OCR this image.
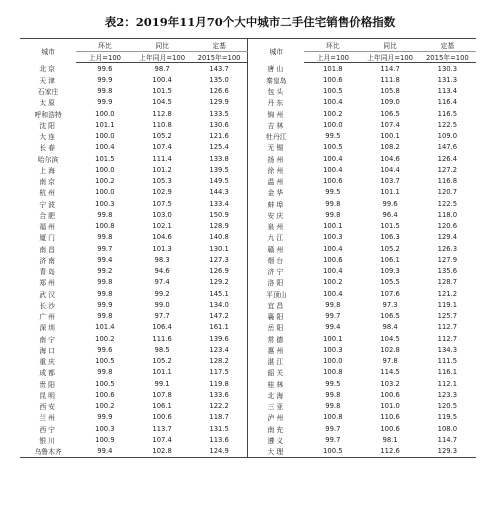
表2：2019年11月70个大中城市二手住宅销售价格指数
城市	环比	同比	定基	城市	环比	同比	定基
	上月=100	上年同月=100	2015年=100		上月=100	上年同月=100	2015年=100
北京	99.6	98.7	143.7	唐山	101.8	114.7	130.3
天津	99.9	100.4	135.0	秦皇岛	100.6	111.8	131.3
石家庄	99.8	101.5	126.6	包头	100.5	105.8	113.4
太原	99.9	104.5	129.9	丹东	100.4	109.0	116.4
呼和浩特	100.0	112.8	133.5	锦州	100.2	106.5	116.5
沈阳	101.1	110.8	130.6	吉林	100.0	107.4	122.5
大连	100.0	105.2	121.6	牡丹江	99.5	100.1	109.0
长春	100.4	107.4	125.4	无锡	100.5	108.2	147.6
哈尔滨	101.5	111.4	133.8	扬州	100.4	104.6	126.4
上海	100.0	101.2	139.5	徐州	100.4	104.4	127.2
南京	100.2	105.3	149.5	温州	100.6	103.7	116.8
杭州	100.0	102.9	144.3	金华	99.5	101.1	120.7
宁波	100.3	107.5	133.4	蚌埠	99.8	99.6	122.5
合肥	99.8	103.0	150.9	安庆	99.8	96.4	118.0
福州	100.8	102.1	128.9	泉州	100.1	101.5	120.6
厦门	99.8	104.6	140.8	九江	100.3	106.3	129.4
南昌	99.7	101.3	130.1	赣州	100.4	105.2	126.3
济南	99.4	98.3	127.3	烟台	100.6	106.1	127.9
青岛	99.2	94.6	126.9	济宁	100.4	109.3	135.6
郑州	99.8	97.4	129.2	洛阳	100.2	105.5	128.7
武汉	99.8	99.2	145.1	平顶山	100.4	107.6	121.2
长沙	99.9	99.0	134.0	宜昌	99.8	97.3	119.1
广州	99.8	97.7	147.2	襄阳	99.7	106.5	125.7
深圳	101.4	106.4	161.1	岳阳	99.4	98.4	112.7
南宁	100.2	111.6	139.6	常德	100.1	104.5	112.7
海口	99.6	98.5	123.4	惠州	100.3	102.8	134.3
重庆	100.5	105.2	128.2	湛江	100.0	97.8	111.5
成都	99.8	101.1	117.5	韶关	100.8	114.5	116.1
贵阳	100.5	99.1	119.8	桂林	99.5	103.2	112.1
昆明	100.6	107.8	133.6	北海	99.8	100.6	123.3
西安	100.2	106.1	122.2	三亚	99.8	101.0	120.5
兰州	99.9	100.6	118.7	泸州	100.8	110.6	119.5
西宁	100.3	113.7	131.5	南充	99.7	100.6	108.0
银川	100.9	107.4	113.6	遵义	99.7	98.1	114.7
乌鲁木齐	99.4	102.8	124.9	大理	100.5	112.6	129.3
